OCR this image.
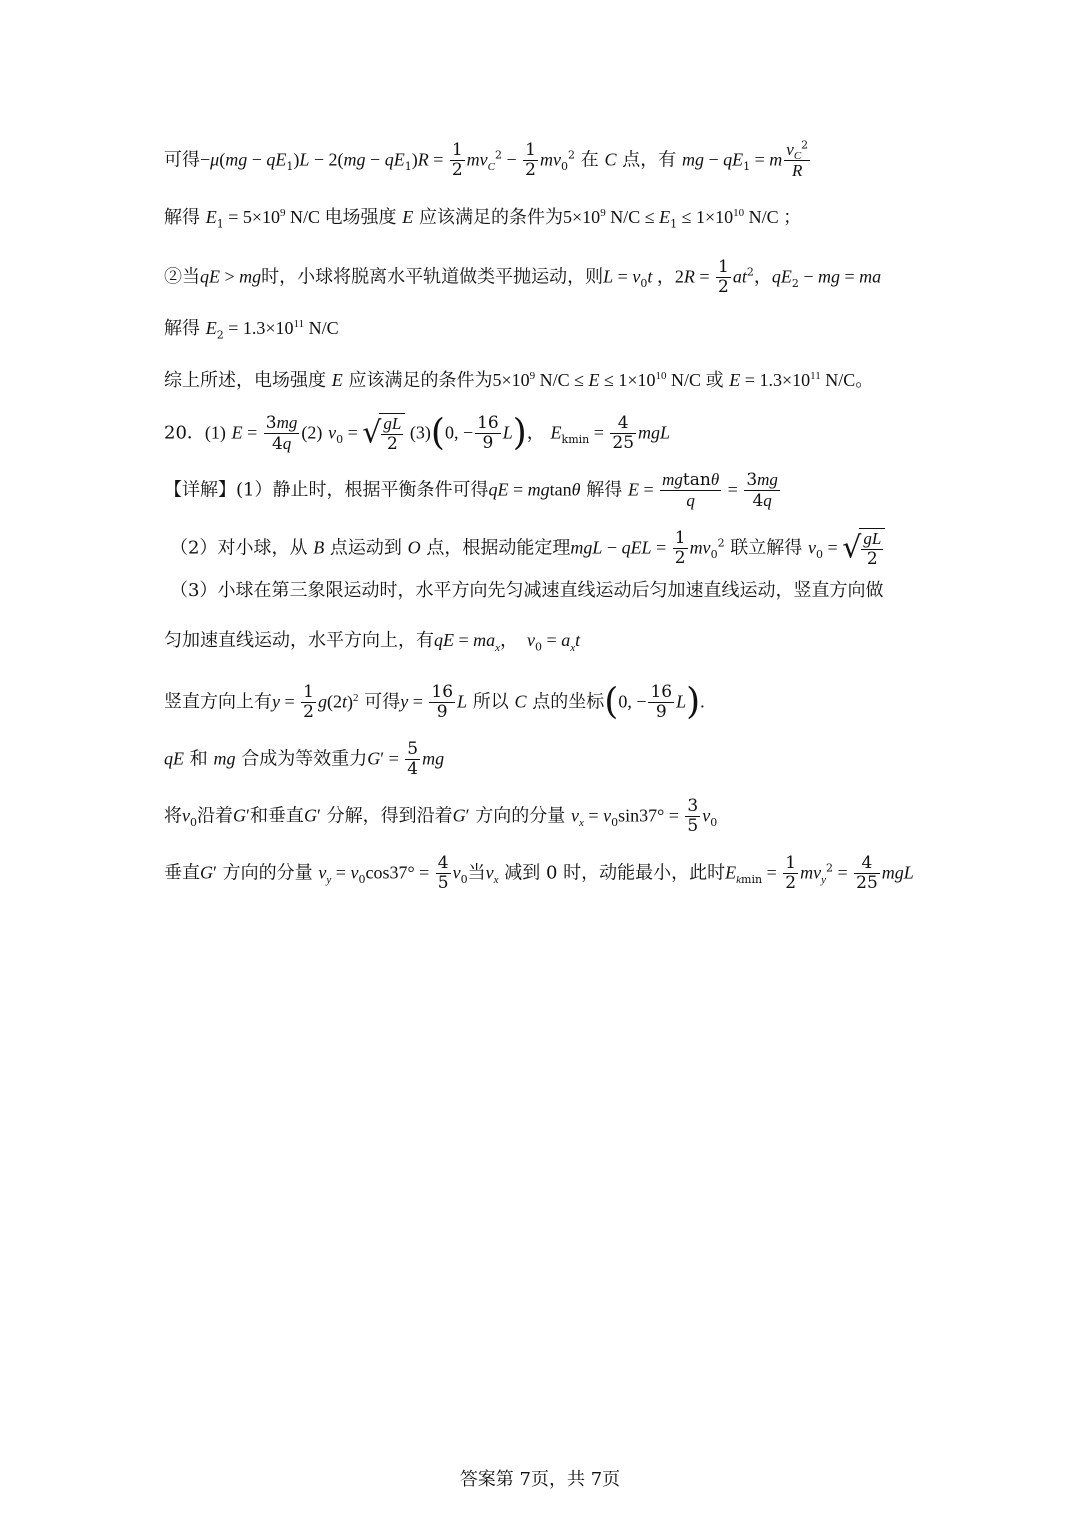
可得$-\mu(mg - qE_1)L - 2(mg - qE_1)R = \frac{1}{2} mv_C^2 - \frac{1}{2} mv_0^2$ 在 C 点，有 mg − $qE_1 = m \frac{v_C^2}{R}$
解得 $E_1 = 5\times 10^9$ N/C 电场强度 E 应该满足的条件为$5\times 10^9$ $N/C \le E_1 \le 1\times 10^{10}$ N/C ；
②当qE > mg时，小球将脱离水平轨道做类平抛运动，则$L = v_0t$ ，$2R = \frac{1}{2} at^2$，$qE_2$ − mg = ma
解得 $E_2 = 1.3\times 10^{11}$ N/C
综上所述，电场强度 E 应该满足的条件为$5\times 10^9$ $N/C \le E \le 1\times 10^{10}$ N/C 或 $E = 1.3\times 10^{11}$ N/C。
20．(1) $E = \frac{3mg}{4q} (2) v_0$ = √ $\frac{gL}{2} (3)(0$, − $\frac{16}{9} L$)， $E_{kmin} = \frac{4}{25}$ mgL
【详解】(1）静止时，根据平衡条件可得qE = mgtanθ 解得 $E = \frac{mgtan\theta}{q} = \frac{3mg}{4q}$
（2）对小球，从 B 点运动到 O 点，根据动能定理mgL − qEL = $\frac{1}{2} mv_0^2$ 联立解得 $v_0$ = √ $\frac{gL}{2}$
（3）小球在第三象限运动时，水平方向先匀减速直线运动后匀加速直线运动，竖直方向做
匀加速直线运动，水平方向上，有qE = $ma_x$，  $v_0 = a_xt$
竖直方向上有$y = \frac{1}{2} g(2t)^2$ 可得$y = \frac{16}{9}$ L 所以 C 点的坐标(0, − $\frac{16}{9} L$).
qE 和 mg 合成为等效重力$G' = \frac{5}{4}$ mg
将$v_0$沿着G′和垂直G′ 分解，得到沿着G′ 方向的分量 $v_x = v_0\sin 37^\circ = \frac{3}{5} v_0$
垂直G′ 方向的分量 $v_y = v_0\cos 37^\circ = \frac{4}{5} v_0$当$v_x$ 减到 0 时，动能最小，此时$E_{kmin} = \frac{1}{2} mv_y^2 = \frac{4}{25}$ mgL
答案第 7页，共 7页
